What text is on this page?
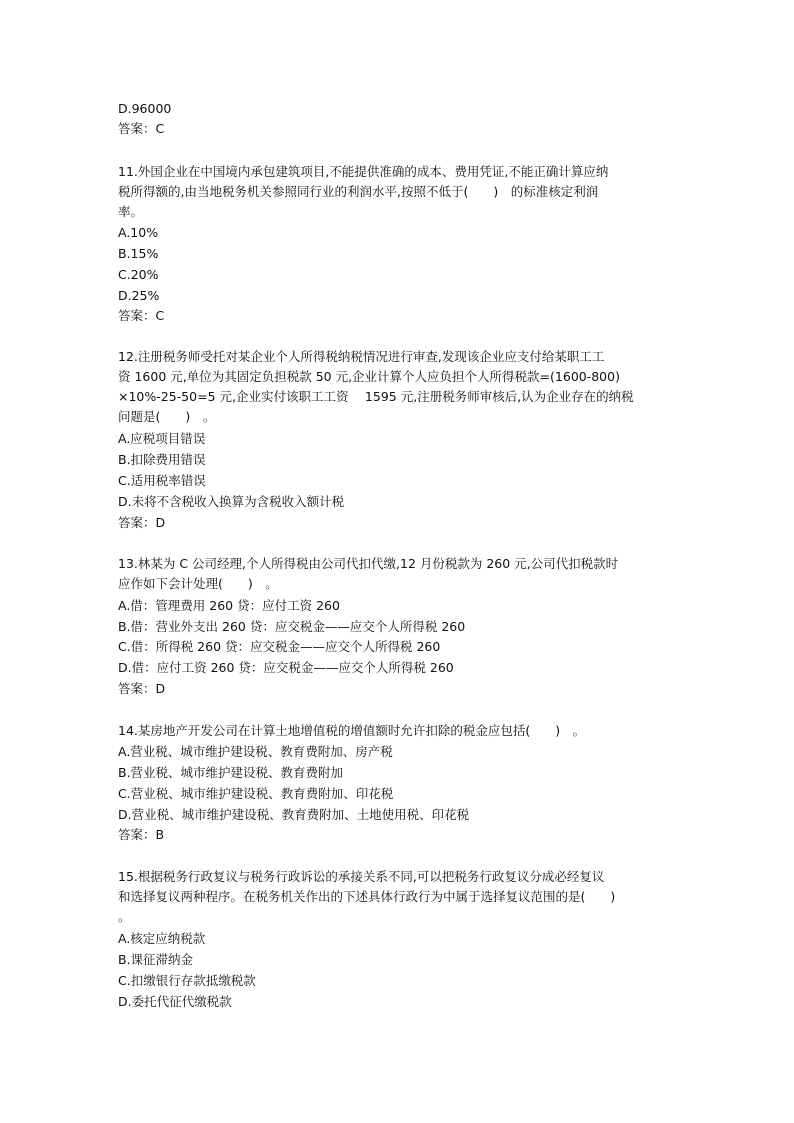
D.96000
答案：C
11.外国企业在中国境内承包建筑项目,不能提供准确的成本、费用凭证,不能正确计算应纳
税所得额的,由当地税务机关参照同行业的利润水平,按照不低于(　　)　的标准核定利润
率。
A.10%
B.15%
C.20%
D.25%
答案：C
12.注册税务师受托对某企业个人所得税纳税情况进行审查,发现该企业应支付给某职工工
资 1600 元,单位为其固定负担税款 50 元,企业计算个人应负担个人所得税款=(1600-800)
×10%-25-50=5 元,企业实付该职工工资　 1595 元,注册税务师审核后,认为企业存在的纳税
问题是(　　)　。
A.应税项目错误
B.扣除费用错误
C.适用税率错误
D.未将不含税收入换算为含税收入额计税
答案：D
13.林某为 C 公司经理,个人所得税由公司代扣代缴,12 月份税款为 260 元,公司代扣税款时
应作如下会计处理(　　)　。
A.借：管理费用 260 贷：应付工资 260
B.借：营业外支出 260 贷：应交税金——应交个人所得税 260
C.借：所得税 260 贷：应交税金——应交个人所得税 260
D.借：应付工资 260 贷：应交税金——应交个人所得税 260
答案：D
14.某房地产开发公司在计算土地增值税的增值额时允许扣除的税金应包括(　　)　。
A.营业税、城市维护建设税、教育费附加、房产税
B.营业税、城市维护建设税、教育费附加
C.营业税、城市维护建设税、教育费附加、印花税
D.营业税、城市维护建设税、教育费附加、土地使用税、印花税
答案：B
15.根据税务行政复议与税务行政诉讼的承接关系不同,可以把税务行政复议分成必经复议
和选择复议两种程序。在税务机关作出的下述具体行政行为中属于选择复议范围的是(　　)
。
A.核定应纳税款
B.课征滞纳金
C.扣缴银行存款抵缴税款
D.委托代征代缴税款
